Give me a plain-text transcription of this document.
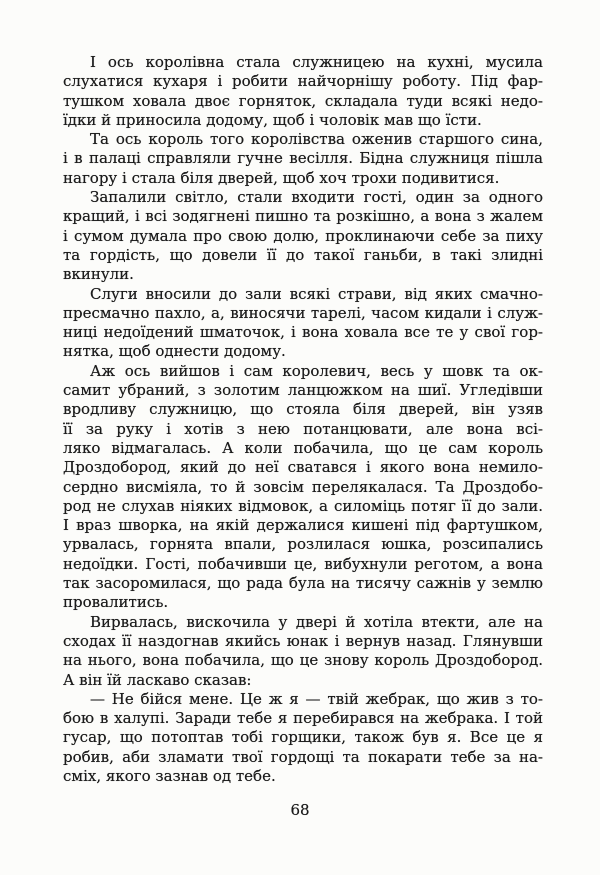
І ось королівна стала служницею на кухні, мусила
слухатися кухаря і робити найчорнішу роботу. Під фар-
тушком ховала двоє горняток, складала туди всякі недо-
їдки й приносила додому, щоб і чоловік мав що їсти.

Та ось король того королівства оженив старшого сина,
і в палаці справляли гучне весілля. Бідна служниця пішла
нагору і стала біля дверей, щоб хоч трохи подивитися.

Запалили світло, стали входити гості, один за одного
кращий, і всі зодягнені пишно та розкішно, а вона з жалем
і сумом думала про свою долю, проклинаючи себе за пиху
та гордість, що довели її до такої ганьби, в такі злидні
вкинули.

Слуги вносили до зали всякі страви, від яких смачно-
пресмачно пахло, а, виносячи тарелі, часом кидали і служ-
ниці недоїдений шматочок, і вона ховала все те у свої гор-
нятка, щоб однести додому.

Аж ось вийшов і сам королевич, весь у шовк та ок-
самит убраний, з золотим ланцюжком на шиї. Угледівши
вродливу служницю, що стояла біля дверей, він узяв
її за руку і хотів з нею потанцювати, але вона всі-
ляко відмагалась. А коли побачила, що це сам король
Дроздобород, який до неї сватався і якого вона немило-
сердно висміяла, то й зовсім перелякалася. Та Дроздобо-
род не слухав ніяких відмовок, а силоміць потяг її до зали.
І враз шворка, на якій держалися кишені під фартушком,
урвалась, горнята впали, розлилася юшка, розсипались
недоїдки. Гості, побачивши це, вибухнули реготом, а вона
так засоромилася, що рада була на тисячу сажнів у землю
провалитись.

Вирвалась, вискочила у двері й хотіла втекти, але на
сходах її наздогнав якийсь юнак і вернув назад. Глянувши
на нього, вона побачила, що це знову король Дроздобород.
А він їй ласкаво сказав:

— Не бійся мене. Це ж я — твій жебрак, що жив з то-
бою в халупі. Заради тебе я перебирався на жебрака. І той
гусар, що потоптав тобі горщики, також був я. Все це я
робив, аби зламати твої гордощі та покарати тебе за на-
сміх, якого зазнав од тебе.

68
